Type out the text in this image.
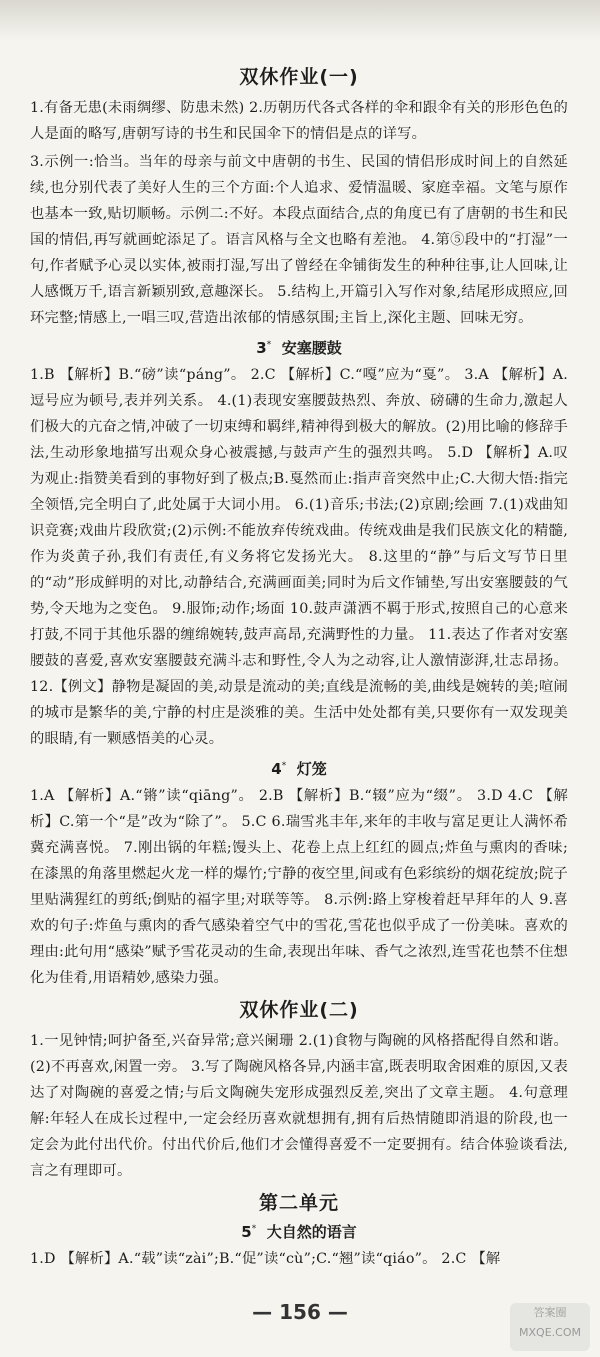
双休作业(一)

1.有备无患(未雨绸缪、防患未然) 2.历朝历代各式各样的伞和跟伞有关的形形色色的人是面的略写,唐朝写诗的书生和民国伞下的情侣是点的详写。

3.示例一:恰当。当年的母亲与前文中唐朝的书生、民国的情侣形成时间上的自然延续,也分别代表了美好人生的三个方面:个人追求、爱情温暖、家庭幸福。文笔与原作也基本一致,贴切顺畅。示例二:不好。本段点面结合,点的角度已有了唐朝的书生和民国的情侣,再写就画蛇添足了。语言风格与全文也略有差池。 4.第⑤段中的“打湿”一句,作者赋予心灵以实体,被雨打湿,写出了曾经在伞铺街发生的种种往事,让人回味,让人感慨万千,语言新颖别致,意趣深长。 5.结构上,开篇引入写作对象,结尾形成照应,回环完整;情感上,一唱三叹,营造出浓郁的情感氛围;主旨上,深化主题、回味无穷。

3* 安塞腰鼓

1.B 【解析】B.“磅”读“páng”。 2.C 【解析】C.“嘎”应为“戛”。 3.A 【解析】A.逗号应为顿号,表并列关系。 4.(1)表现安塞腰鼓热烈、奔放、磅礴的生命力,激起人们极大的亢奋之情,冲破了一切束缚和羁绊,精神得到极大的解放。(2)用比喻的修辞手法,生动形象地描写出观众身心被震撼,与鼓声产生的强烈共鸣。 5.D 【解析】A.叹为观止:指赞美看到的事物好到了极点;B.戛然而止:指声音突然中止;C.大彻大悟:指完全领悟,完全明白了,此处属于大词小用。 6.(1)音乐;书法;(2)京剧;绘画 7.(1)戏曲知识竞赛;戏曲片段欣赏;(2)示例:不能放弃传统戏曲。传统戏曲是我们民族文化的精髓,作为炎黄子孙,我们有责任,有义务将它发扬光大。 8.这里的“静”与后文写节日里的“动”形成鲜明的对比,动静结合,充满画面美;同时为后文作铺垫,写出安塞腰鼓的气势,令天地为之变色。 9.服饰;动作;场面 10.鼓声潇洒不羁于形式,按照自己的心意来打鼓,不同于其他乐器的缠绵婉转,鼓声高昂,充满野性的力量。 11.表达了作者对安塞腰鼓的喜爱,喜欢安塞腰鼓充满斗志和野性,令人为之动容,让人激情澎湃,壮志昂扬。 12.【例文】静物是凝固的美,动景是流动的美;直线是流畅的美,曲线是婉转的美;喧闹的城市是繁华的美,宁静的村庄是淡雅的美。生活中处处都有美,只要你有一双发现美的眼睛,有一颗感悟美的心灵。

4* 灯笼

1.A 【解析】A.“锵”读“qiāng”。 2.B 【解析】B.“辍”应为“缀”。 3.D 4.C 【解析】C.第一个“是”改为“除了”。 5.C 6.瑞雪兆丰年,来年的丰收与富足更让人满怀希冀充满喜悦。 7.刚出锅的年糕;馒头上、花卷上点上红红的圆点;炸鱼与熏肉的香味;在漆黑的角落里燃起火龙一样的爆竹;宁静的夜空里,间或有色彩缤纷的烟花绽放;院子里贴满猩红的剪纸;倒贴的福字里;对联等等。 8.示例:路上穿梭着赶早拜年的人 9.喜欢的句子:炸鱼与熏肉的香气感染着空气中的雪花,雪花也似乎成了一份美味。喜欢的理由:此句用“感染”赋予雪花灵动的生命,表现出年味、香气之浓烈,连雪花也禁不住想化为佳肴,用语精妙,感染力强。

双休作业(二)

1.一见钟情;呵护备至,兴奋异常;意兴阑珊 2.(1)食物与陶碗的风格搭配得自然和谐。(2)不再喜欢,闲置一旁。 3.写了陶碗风格各异,内涵丰富,既表明取舍困难的原因,又表达了对陶碗的喜爱之情;与后文陶碗失宠形成强烈反差,突出了文章主题。 4.句意理解:年轻人在成长过程中,一定会经历喜欢就想拥有,拥有后热情随即消退的阶段,也一定会为此付出代价。付出代价后,他们才会懂得喜爱不一定要拥有。结合体验谈看法,言之有理即可。

第二单元
5* 大自然的语言

1.D 【解析】A.“载”读“zài”;B.“促”读“cù”;C.“翘”读“qiáo”。 2.C 【解

— 156 —	答案圈 MXQE.COM
